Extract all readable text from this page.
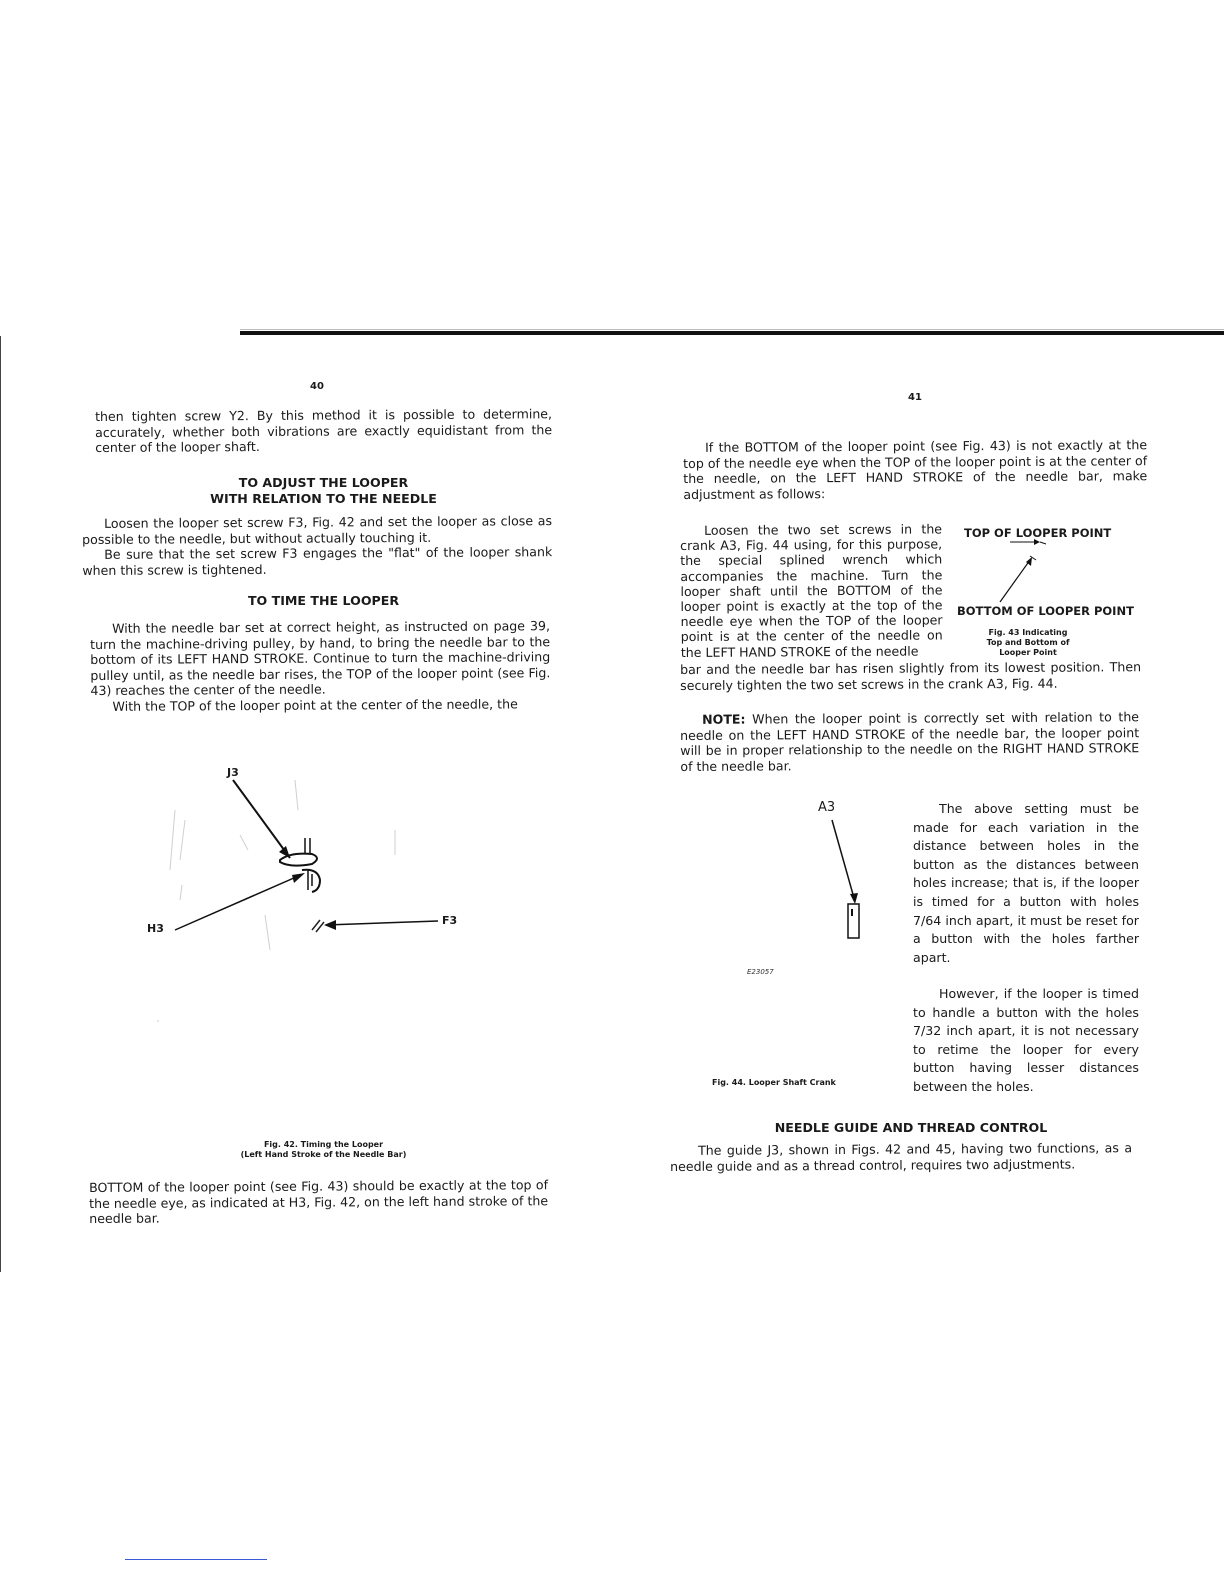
40
then tighten screw Y2. By this method it is possible to determine, accurately, whether both vibrations are exactly equidistant from the center of the looper shaft.
TO ADJUST THE LOOPER
WITH RELATION TO THE NEEDLE

Loosen the looper set screw F3, Fig. 42 and set the looper as close as possible to the needle, but without actually touching it.

Be sure that the set screw F3 engages the "flat" of the looper shank when this screw is tightened.

TO TIME THE LOOPER

With the needle bar set at correct height, as instructed on page 39, turn the machine-driving pulley, by hand, to bring the needle bar to the bottom of its LEFT HAND STROKE. Continue to turn the machine-driving pulley until, as the needle bar rises, the TOP of the looper point (see Fig. 43) reaches the center of the needle.

With the TOP of the looper point at the center of the needle, the

J3
H3
F3
Fig. 42. Timing the Looper
(Left Hand Stroke of the Needle Bar)
BOTTOM of the looper point (see Fig. 43) should be exactly at the top of the needle eye, as indicated at H3, Fig. 42, on the left hand stroke of the needle bar.
41
If the BOTTOM of the looper point (see Fig. 43) is not exactly at the top of the needle eye when the TOP of the looper point is at the center of the needle, on the LEFT HAND STROKE of the needle bar, make adjustment as follows:
Loosen the two set screws in the crank A3, Fig. 44 using, for this purpose, the special splined wrench which accompanies the machine. Turn the looper shaft until the BOTTOM of the looper point is exactly at the top of the needle eye when the TOP of the looper point is at the center of the needle on the LEFT HAND STROKE of the needle
TOP OF LOOPER POINT
BOTTOM OF LOOPER POINT
Fig. 43 Indicating
Top and Bottom of
Looper Point
bar and the needle bar has risen slightly from its lowest position. Then securely tighten the two set screws in the crank A3, Fig. 44.
NOTE: When the looper point is correctly set with relation to the needle on the LEFT HAND STROKE of the needle bar, the looper point will be in proper relationship to the needle on the RIGHT HAND STROKE of the needle bar.
A3
E23057
Fig. 44. Looper Shaft Crank
The above setting must be made for each variation in the distance between holes in the button as the distances between holes increase; that is, if the looper is timed for a button with holes 7/64 inch apart, it must be reset for a button with the holes farther apart.
However, if the looper is timed to handle a button with the holes 7/32 inch apart, it is not necessary to retime the looper for every button having lesser distances between the holes.
NEEDLE GUIDE AND THREAD CONTROL
The guide J3, shown in Figs. 42 and 45, having two functions, as a needle guide and as a thread control, requires two adjustments.
